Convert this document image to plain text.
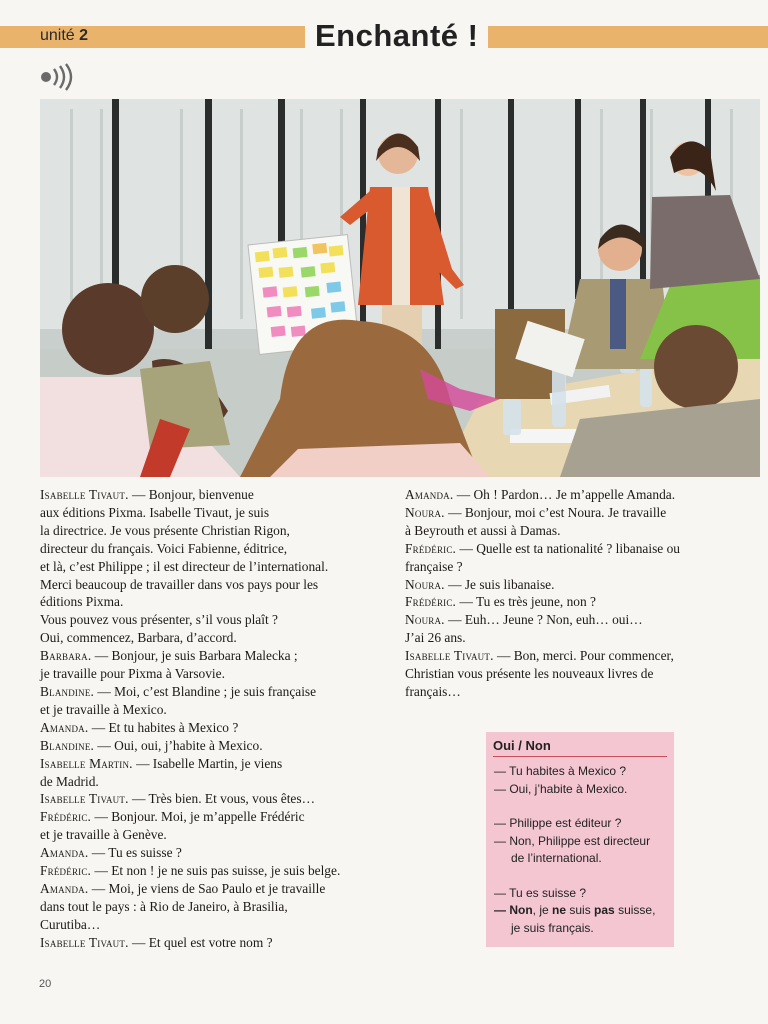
unité 2	Enchanté !

Isabelle Tivaut. — Bonjour, bienvenue

aux éditions Pixma. Isabelle Tivaut, je suis

la directrice. Je vous présente Christian Rigon,

directeur du français. Voici Fabienne, éditrice,

et là, c’est Philippe ; il est directeur de l’international.

Merci beaucoup de travailler dans vos pays pour les

éditions Pixma.

Vous pouvez vous présenter, s’il vous plaît ?

Oui, commencez, Barbara, d’accord.

Barbara. — Bonjour, je suis Barbara Malecka ;

je travaille pour Pixma à Varsovie.

Blandine. — Moi, c’est Blandine ; je suis française

et je travaille à Mexico.

Amanda. — Et tu habites à Mexico ?

Blandine. — Oui, oui, j’habite à Mexico.

Isabelle Martin. — Isabelle Martin, je viens

de Madrid.

Isabelle Tivaut. — Très bien. Et vous, vous êtes…

Frédéric. — Bonjour. Moi, je m’appelle Frédéric

et je travaille à Genève.

Amanda. — Tu es suisse ?

Frédéric. — Et non ! je ne suis pas suisse, je suis belge.

Amanda. — Moi, je viens de Sao Paulo et je travaille

dans tout le pays : à Rio de Janeiro, à Brasilia,

Curutiba…

Isabelle Tivaut. — Et quel est votre nom ?

Amanda. — Oh ! Pardon… Je m’appelle Amanda.

Noura. — Bonjour, moi c’est Noura. Je travaille

à Beyrouth et aussi à Damas.

Frédéric. — Quelle est ta nationalité ? libanaise ou

française ?

Noura. — Je suis libanaise.

Frédéric. — Tu es très jeune, non ?

Noura. — Euh… Jeune ? Non, euh… oui…

J’ai 26 ans.

Isabelle Tivaut. — Bon, merci. Pour commencer,

Christian vous présente les nouveaux livres de

français…

Oui / Non
— Tu habites à Mexico ?
— Oui, j’habite à Mexico.
— Philippe est éditeur ?
— Non, Philippe est directeur
de l’international.
— Tu es suisse ?
— Non, je ne suis pas suisse,
je suis français.
20
